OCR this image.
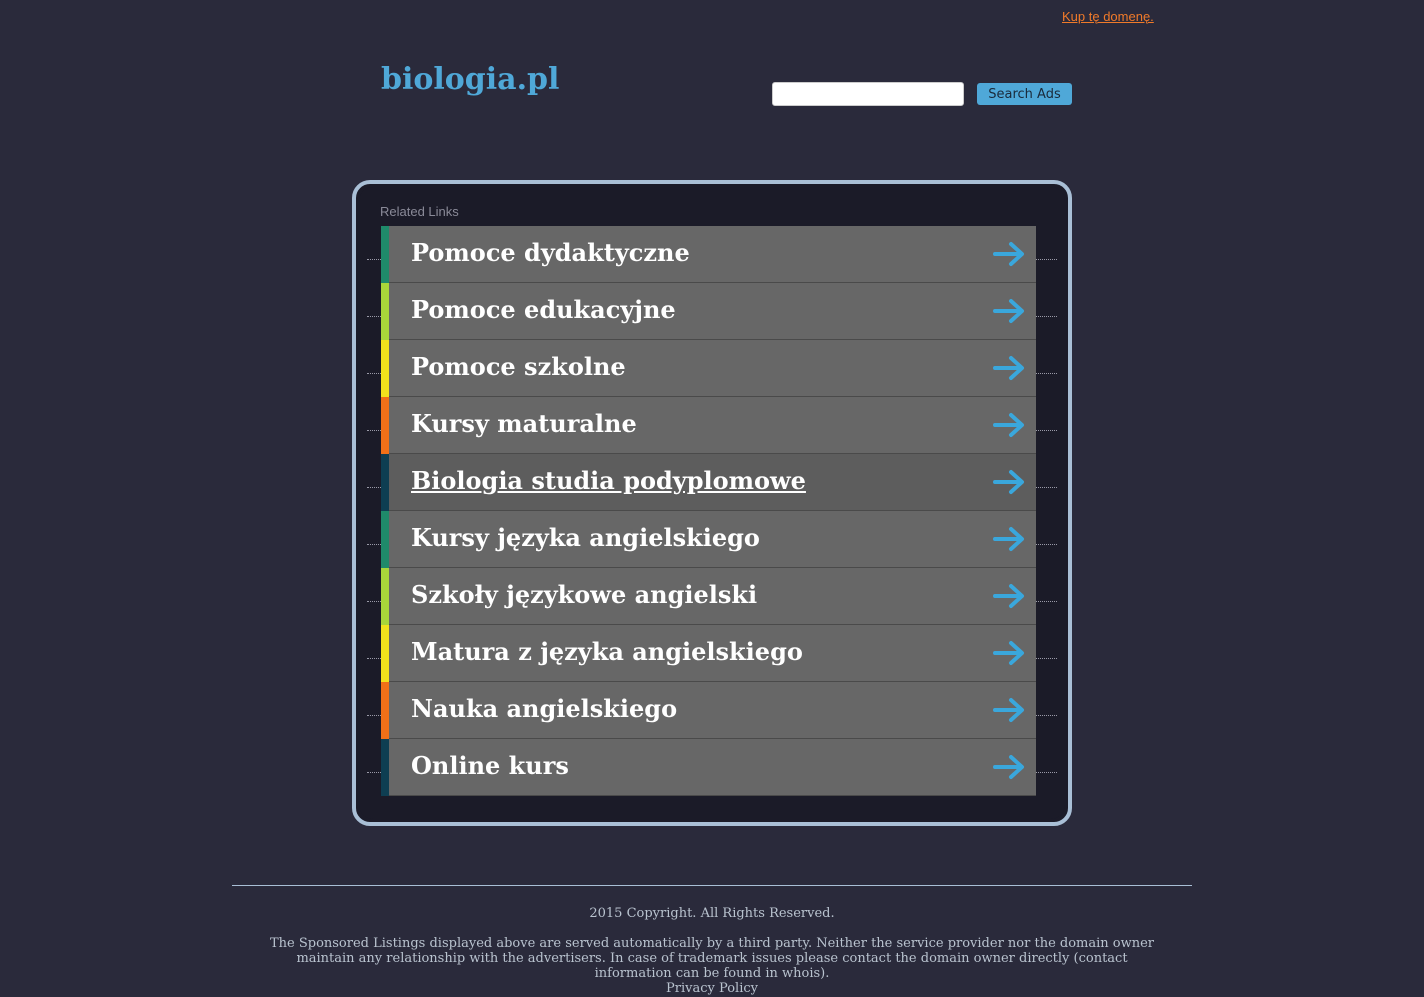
Kup tę domenę.
biologia.pl	Search Ads
Related Links
Pomoce dydaktyczne
Pomoce edukacyjne
Pomoce szkolne
Kursy maturalne
Biologia studia podyplomowe
Kursy języka angielskiego
Szkoły językowe angielski
Matura z języka angielskiego
Nauka angielskiego
Online kurs
2015 Copyright. All Rights Reserved.
The Sponsored Listings displayed above are served automatically by a third party. Neither the service provider nor the domain owner maintain any relationship with the advertisers. In case of trademark issues please contact the domain owner directly (contact information can be found in whois).
Privacy Policy
